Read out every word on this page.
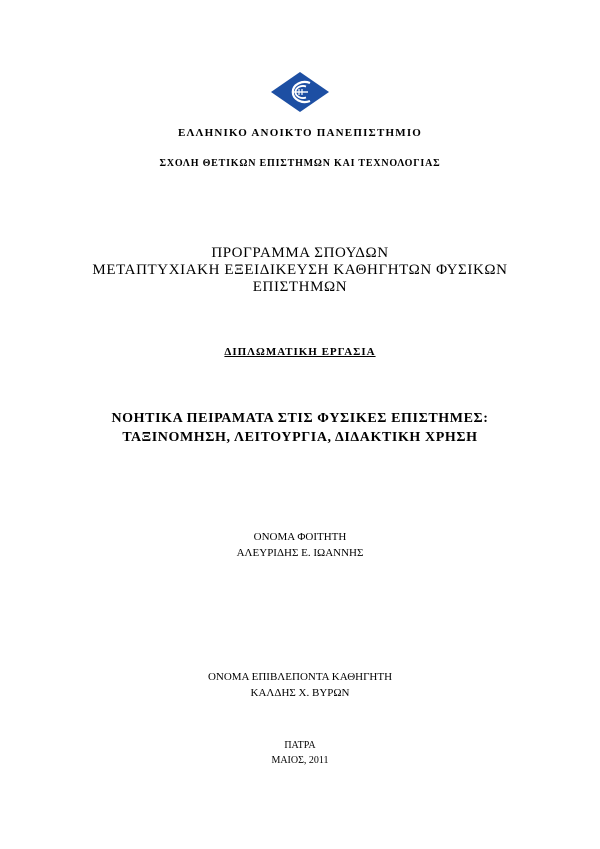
ΕΛΛΗΝΙΚΟ ΑΝΟΙΚΤΟ ΠΑΝΕΠΙΣΤΗΜΙΟ
ΣΧΟΛΗ ΘΕΤΙΚΩΝ ΕΠΙΣΤΗΜΩΝ ΚΑΙ ΤΕΧΝΟΛΟΓΙΑΣ
ΠΡΟΓΡΑΜΜΑ ΣΠΟΥΔΩΝ
ΜΕΤΑΠΤΥΧΙΑΚΗ ΕΞΕΙΔΙΚΕΥΣΗ ΚΑΘΗΓΗΤΩΝ ΦΥΣΙΚΩΝ
ΕΠΙΣΤΗΜΩΝ
ΔΙΠΛΩΜΑΤΙΚΗ ΕΡΓΑΣΙΑ
ΝΟΗΤΙΚΑ ΠΕΙΡΑΜΑΤΑ ΣΤΙΣ ΦΥΣΙΚΕΣ ΕΠΙΣΤΗΜΕΣ:
ΤΑΞΙΝΟΜΗΣΗ, ΛΕΙΤΟΥΡΓΙΑ, ΔΙΔΑΚΤΙΚΗ ΧΡΗΣΗ
ΟΝΟΜΑ ΦΟΙΤΗΤΗ
ΑΛΕΥΡΙΔΗΣ Ε. ΙΩΑΝΝΗΣ
ΟΝΟΜΑ ΕΠΙΒΛΕΠΟΝΤΑ ΚΑΘΗΓΗΤΗ
ΚΑΛΔΗΣ Χ. ΒΥΡΩΝ
ΠΑΤΡΑ
ΜΑΙΟΣ, 2011
